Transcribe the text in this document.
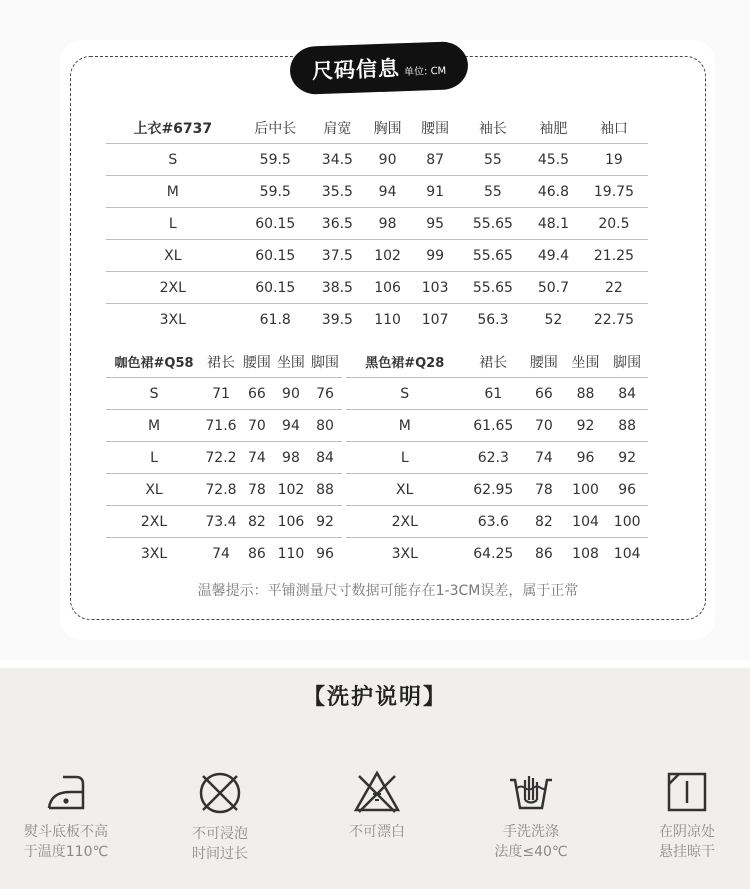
尺码信息 单位: CM
上衣#6737	后中长	肩宽	胸围	腰围	袖长	袖肥	袖口
S	59.5	34.5	90	87	55	45.5	19
M	59.5	35.5	94	91	55	46.8	19.75
L	60.15	36.5	98	95	55.65	48.1	20.5
XL	60.15	37.5	102	99	55.65	49.4	21.25
2XL	60.15	38.5	106	103	55.65	50.7	22
3XL	61.8	39.5	110	107	56.3	52	22.75
咖色裙#Q58	裙长	腰围	坐围	脚围
S	71	66	90	76
M	71.6	70	94	80
L	72.2	74	98	84
XL	72.8	78	102	88
2XL	73.4	82	106	92
3XL	74	86	110	96
黑色裙#Q28	裙长	腰围	坐围	脚围
S	61	66	88	84
M	61.65	70	92	88
L	62.3	74	96	92
XL	62.95	78	100	96
2XL	63.6	82	104	100
3XL	64.25	86	108	104
温馨提示：平铺测量尺寸数据可能存在1-3CM误差，属于正常
【洗护说明】
熨斗底板不高
于温度110℃
不可浸泡
时间过长
不可漂白	手洗洗涤
法度≤40℃
在阴凉处
悬挂晾干
